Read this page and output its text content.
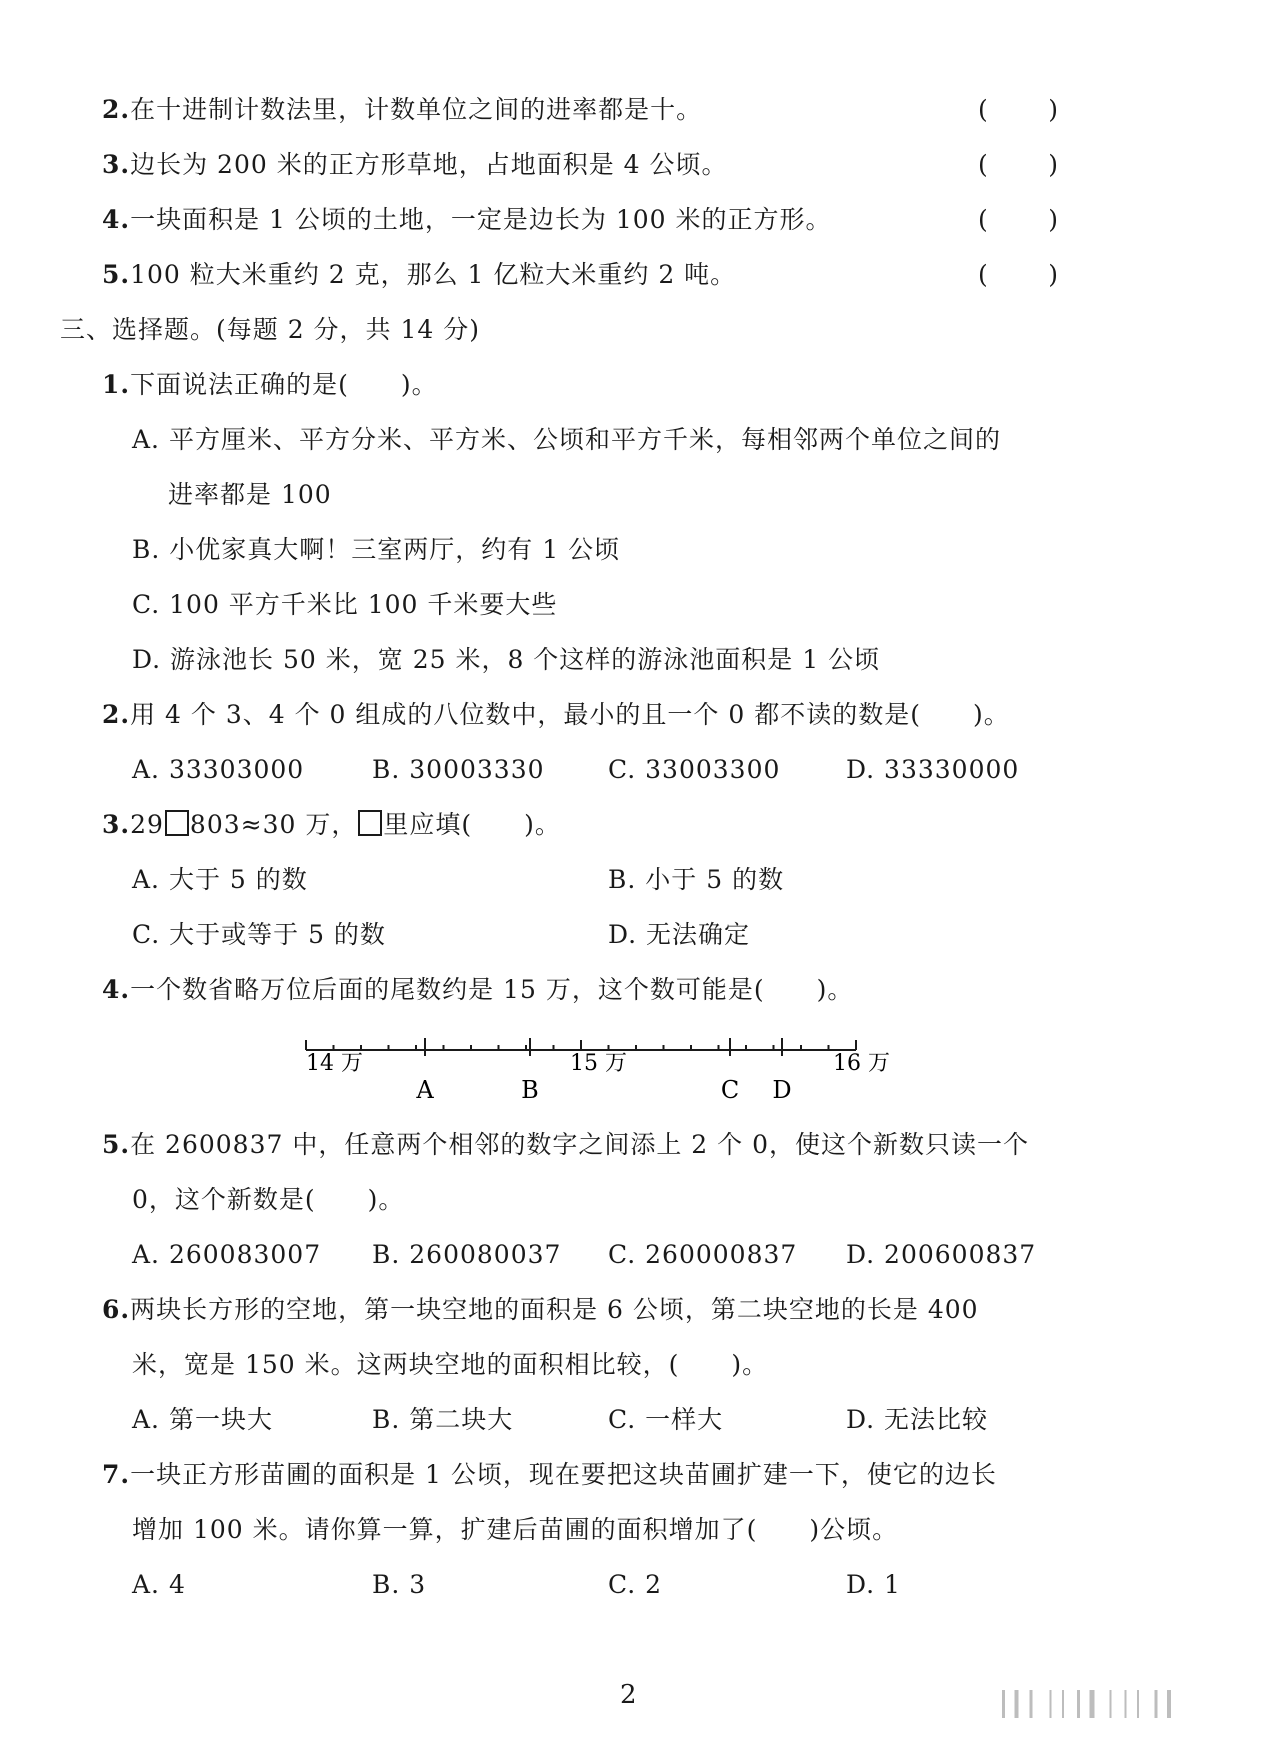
2.在十进制计数法里，计数单位之间的进率都是十。	( )
3.边长为 200 米的正方形草地，占地面积是 4 公顷。	( )
4.一块面积是 1 公顷的土地，一定是边长为 100 米的正方形。	( )
5.100 粒大米重约 2 克，那么 1 亿粒大米重约 2 吨。	( )
三、选择题。(每题 2 分，共 14 分)
1.下面说法正确的是( )。
A. 平方厘米、平方分米、平方米、公顷和平方千米，每相邻两个单位之间的
进率都是 100
B. 小优家真大啊！三室两厅，约有 1 公顷
C. 100 平方千米比 100 千米要大些
D. 游泳池长 50 米，宽 25 米，8 个这样的游泳池面积是 1 公顷
2.用 4 个 3、4 个 0 组成的八位数中，最小的且一个 0 都不读的数是( )。
A. 33303000	B. 30003330	C. 33003300	D. 33330000
3.29 803≈30 万， 里应填( )。
A. 大于 5 的数	B. 小于 5 的数
C. 大于或等于 5 的数	D. 无法确定
4.一个数省略万位后面的尾数约是 15 万，这个数可能是( )。
14 万	15 万	16 万
A	B	C D
5.在 2600837 中，任意两个相邻的数字之间添上 2 个 0，使这个新数只读一个
0，这个新数是( )。
A. 260083007 B. 260080037 C. 260000837 D. 200600837
6.两块长方形的空地，第一块空地的面积是 6 公顷，第二块空地的长是 400
米，宽是 150 米。这两块空地的面积相比较，( )。
A. 第一块大	B. 第二块大	C. 一样大	D. 无法比较
7.一块正方形苗圃的面积是 1 公顷，现在要把这块苗圃扩建一下，使它的边长
增加 100 米。请你算一算，扩建后苗圃的面积增加了( )公顷。
A. 4	B. 3	C. 2	D. 1
2
